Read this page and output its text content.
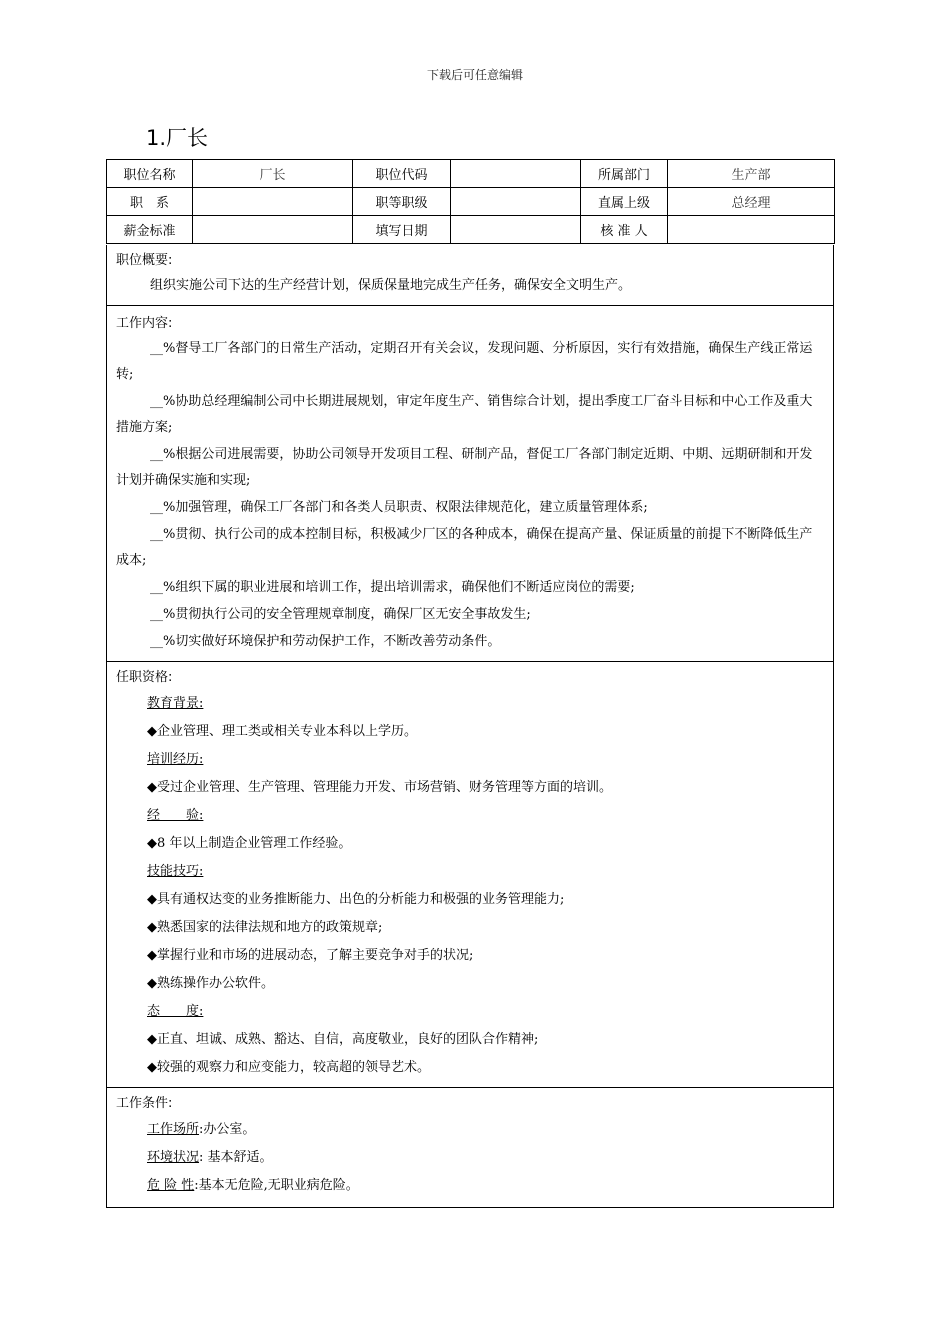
下载后可任意编辑
1.厂长
职位名称	厂长	职位代码		所属部门	生产部
职　系		职等职级		直属上级	总经理
薪金标准		填写日期		核 准 人	
职位概要:
组织实施公司下达的生产经营计划，保质保量地完成生产任务，确保安全文明生产。
工作内容:
__%督导工厂各部门的日常生产活动，定期召开有关会议，发现问题、分析原因，实行有效措施，确保生产线正常运转;
__%协助总经理编制公司中长期进展规划，审定年度生产、销售综合计划，提出季度工厂奋斗目标和中心工作及重大措施方案;
__%根据公司进展需要，协助公司领导开发项目工程、研制产品，督促工厂各部门制定近期、中期、远期研制和开发计划并确保实施和实现;
__%加强管理，确保工厂各部门和各类人员职责、权限法律规范化，建立质量管理体系;
__%贯彻、执行公司的成本控制目标，积极减少厂区的各种成本，确保在提高产量、保证质量的前提下不断降低生产成本;
__%组织下属的职业进展和培训工作，提出培训需求，确保他们不断适应岗位的需要;
__%贯彻执行公司的安全管理规章制度，确保厂区无安全事故发生;
__%切实做好环境保护和劳动保护工作，不断改善劳动条件。
任职资格:
教育背景:
◆企业管理、理工类或相关专业本科以上学历。
培训经历:
◆受过企业管理、生产管理、管理能力开发、市场营销、财务管理等方面的培训。
经　　验:
◆8 年以上制造企业管理工作经验。
技能技巧:
◆具有通权达变的业务推断能力、出色的分析能力和极强的业务管理能力;
◆熟悉国家的法律法规和地方的政策规章;
◆掌握行业和市场的进展动态，了解主要竞争对手的状况;
◆熟练操作办公软件。
态　　度:
◆正直、坦诚、成熟、豁达、自信，高度敬业，良好的团队合作精神;
◆较强的观察力和应变能力，较高超的领导艺术。
工作条件:
工作场所:办公室。
环境状况: 基本舒适。
危 险 性:基本无危险,无职业病危险。
